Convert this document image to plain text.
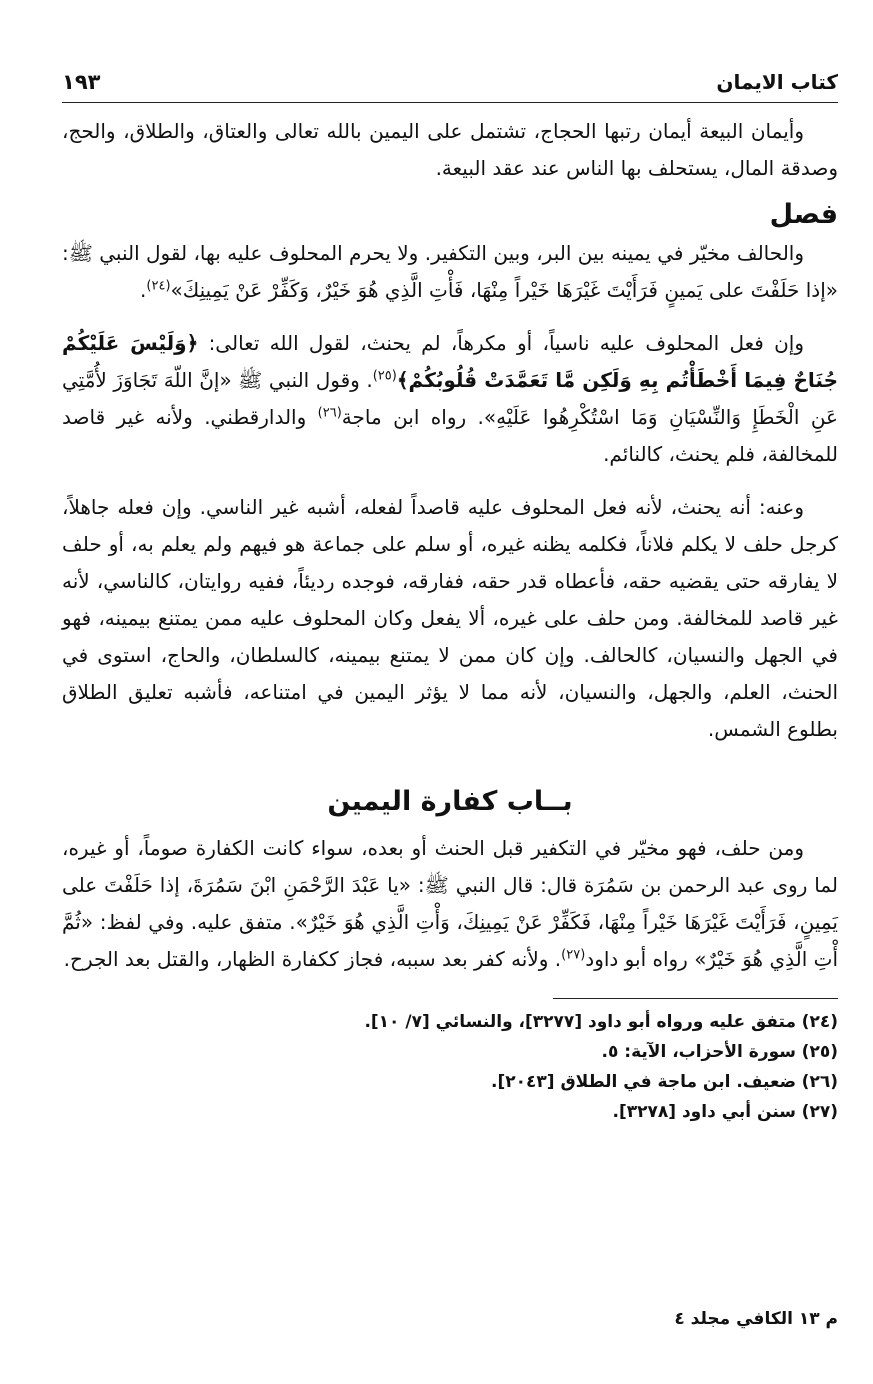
كتاب الايمان
١٩٣

وأيمان البيعة أيمان رتبها الحجاج، تشتمل على اليمين بالله تعالى والعتاق، والطلاق، والحج، وصدقة المال، يستحلف بها الناس عند عقد البيعة.

فصل

والحالف مخيّر في يمينه بين البر، وبين التكفير. ولا يحرم المحلوف عليه بها، لقول النبي ﷺ: «إذا حَلَفْتَ على يَمينٍ فَرَأَيْتَ غَيْرَهَا خَيْراً مِنْهَا، فَأْتِ الَّذِي هُوَ خَيْرٌ، وَكَفِّرْ عَنْ يَمِينِكَ»$^{(٢٤)}$.

وإن فعل المحلوف عليه ناسياً، أو مكرهاً، لم يحنث، لقول الله تعالى: ﴿وَلَيْسَ عَلَيْكُمْ جُنَاحٌ فِيمَا أَخْطَأْتُم بِهِ وَلَكِن مَّا تَعَمَّدَتْ قُلُوبُكُمْ﴾$^{(٢٥)}$. وقول النبي ﷺ «إنَّ اللّهَ تَجَاوَزَ لأُمَّتِي عَنِ الْخَطَإِ وَالنِّسْيَانِ وَمَا اسْتُكْرِهُوا عَلَيْهِ». رواه ابن ماجة$^{(٢٦)}$ والدارقطني. ولأنه غير قاصد للمخالفة، فلم يحنث، كالنائم.

وعنه: أنه يحنث، لأنه فعل المحلوف عليه قاصداً لفعله، أشبه غير الناسي. وإن فعله جاهلاً، كرجل حلف لا يكلم فلاناً، فكلمه يظنه غيره، أو سلم على جماعة هو فيهم ولم يعلم به، أو حلف لا يفارقه حتى يقضيه حقه، فأعطاه قدر حقه، ففارقه، فوجده رديئاً، ففيه روايتان، كالناسي، لأنه غير قاصد للمخالفة. ومن حلف على غيره، ألا يفعل وكان المحلوف عليه ممن يمتنع بيمينه، فهو في الجهل والنسيان، كالحالف. وإن كان ممن لا يمتنع بيمينه، كالسلطان، والحاج، استوى في الحنث، العلم، والجهل، والنسيان، لأنه مما لا يؤثر اليمين في امتناعه، فأشبه تعليق الطلاق بطلوع الشمس.

بــاب كفارة اليمين

ومن حلف، فهو مخيّر في التكفير قبل الحنث أو بعده، سواء كانت الكفارة صوماً، أو غيره، لما روى عبد الرحمن بن سَمُرَة قال: قال النبي ﷺ: «يا عَبْدَ الرَّحْمَنِ ابْنَ سَمُرَةَ، إذا حَلَفْتَ على يَمِينٍ، فَرَأَيْتَ غَيْرَهَا خَيْراً مِنْهَا، فَكَفِّرْ عَنْ يَمِينِكَ، وَأْتِ الَّذِي هُوَ خَيْرٌ». متفق عليه. وفي لفظ: «ثُمَّ أْتِ الَّذِي هُوَ خَيْرٌ» رواه أبو داود$^{(٢٧)}$. ولأنه كفر بعد سببه، فجاز ككفارة الظهار، والقتل بعد الجرح.

(٢٤)متفق عليه ورواه أبو داود [٣٢٧٧]، والنسائي [٧/ ١٠].

(٢٥)سورة الأحزاب، الآية: ٥.

(٢٦)ضعيف. ابن ماجة في الطلاق [٢٠٤٣].

(٢٧)سنن أبي داود [٣٢٧٨].

م ١٣ الكافي مجلد ٤
